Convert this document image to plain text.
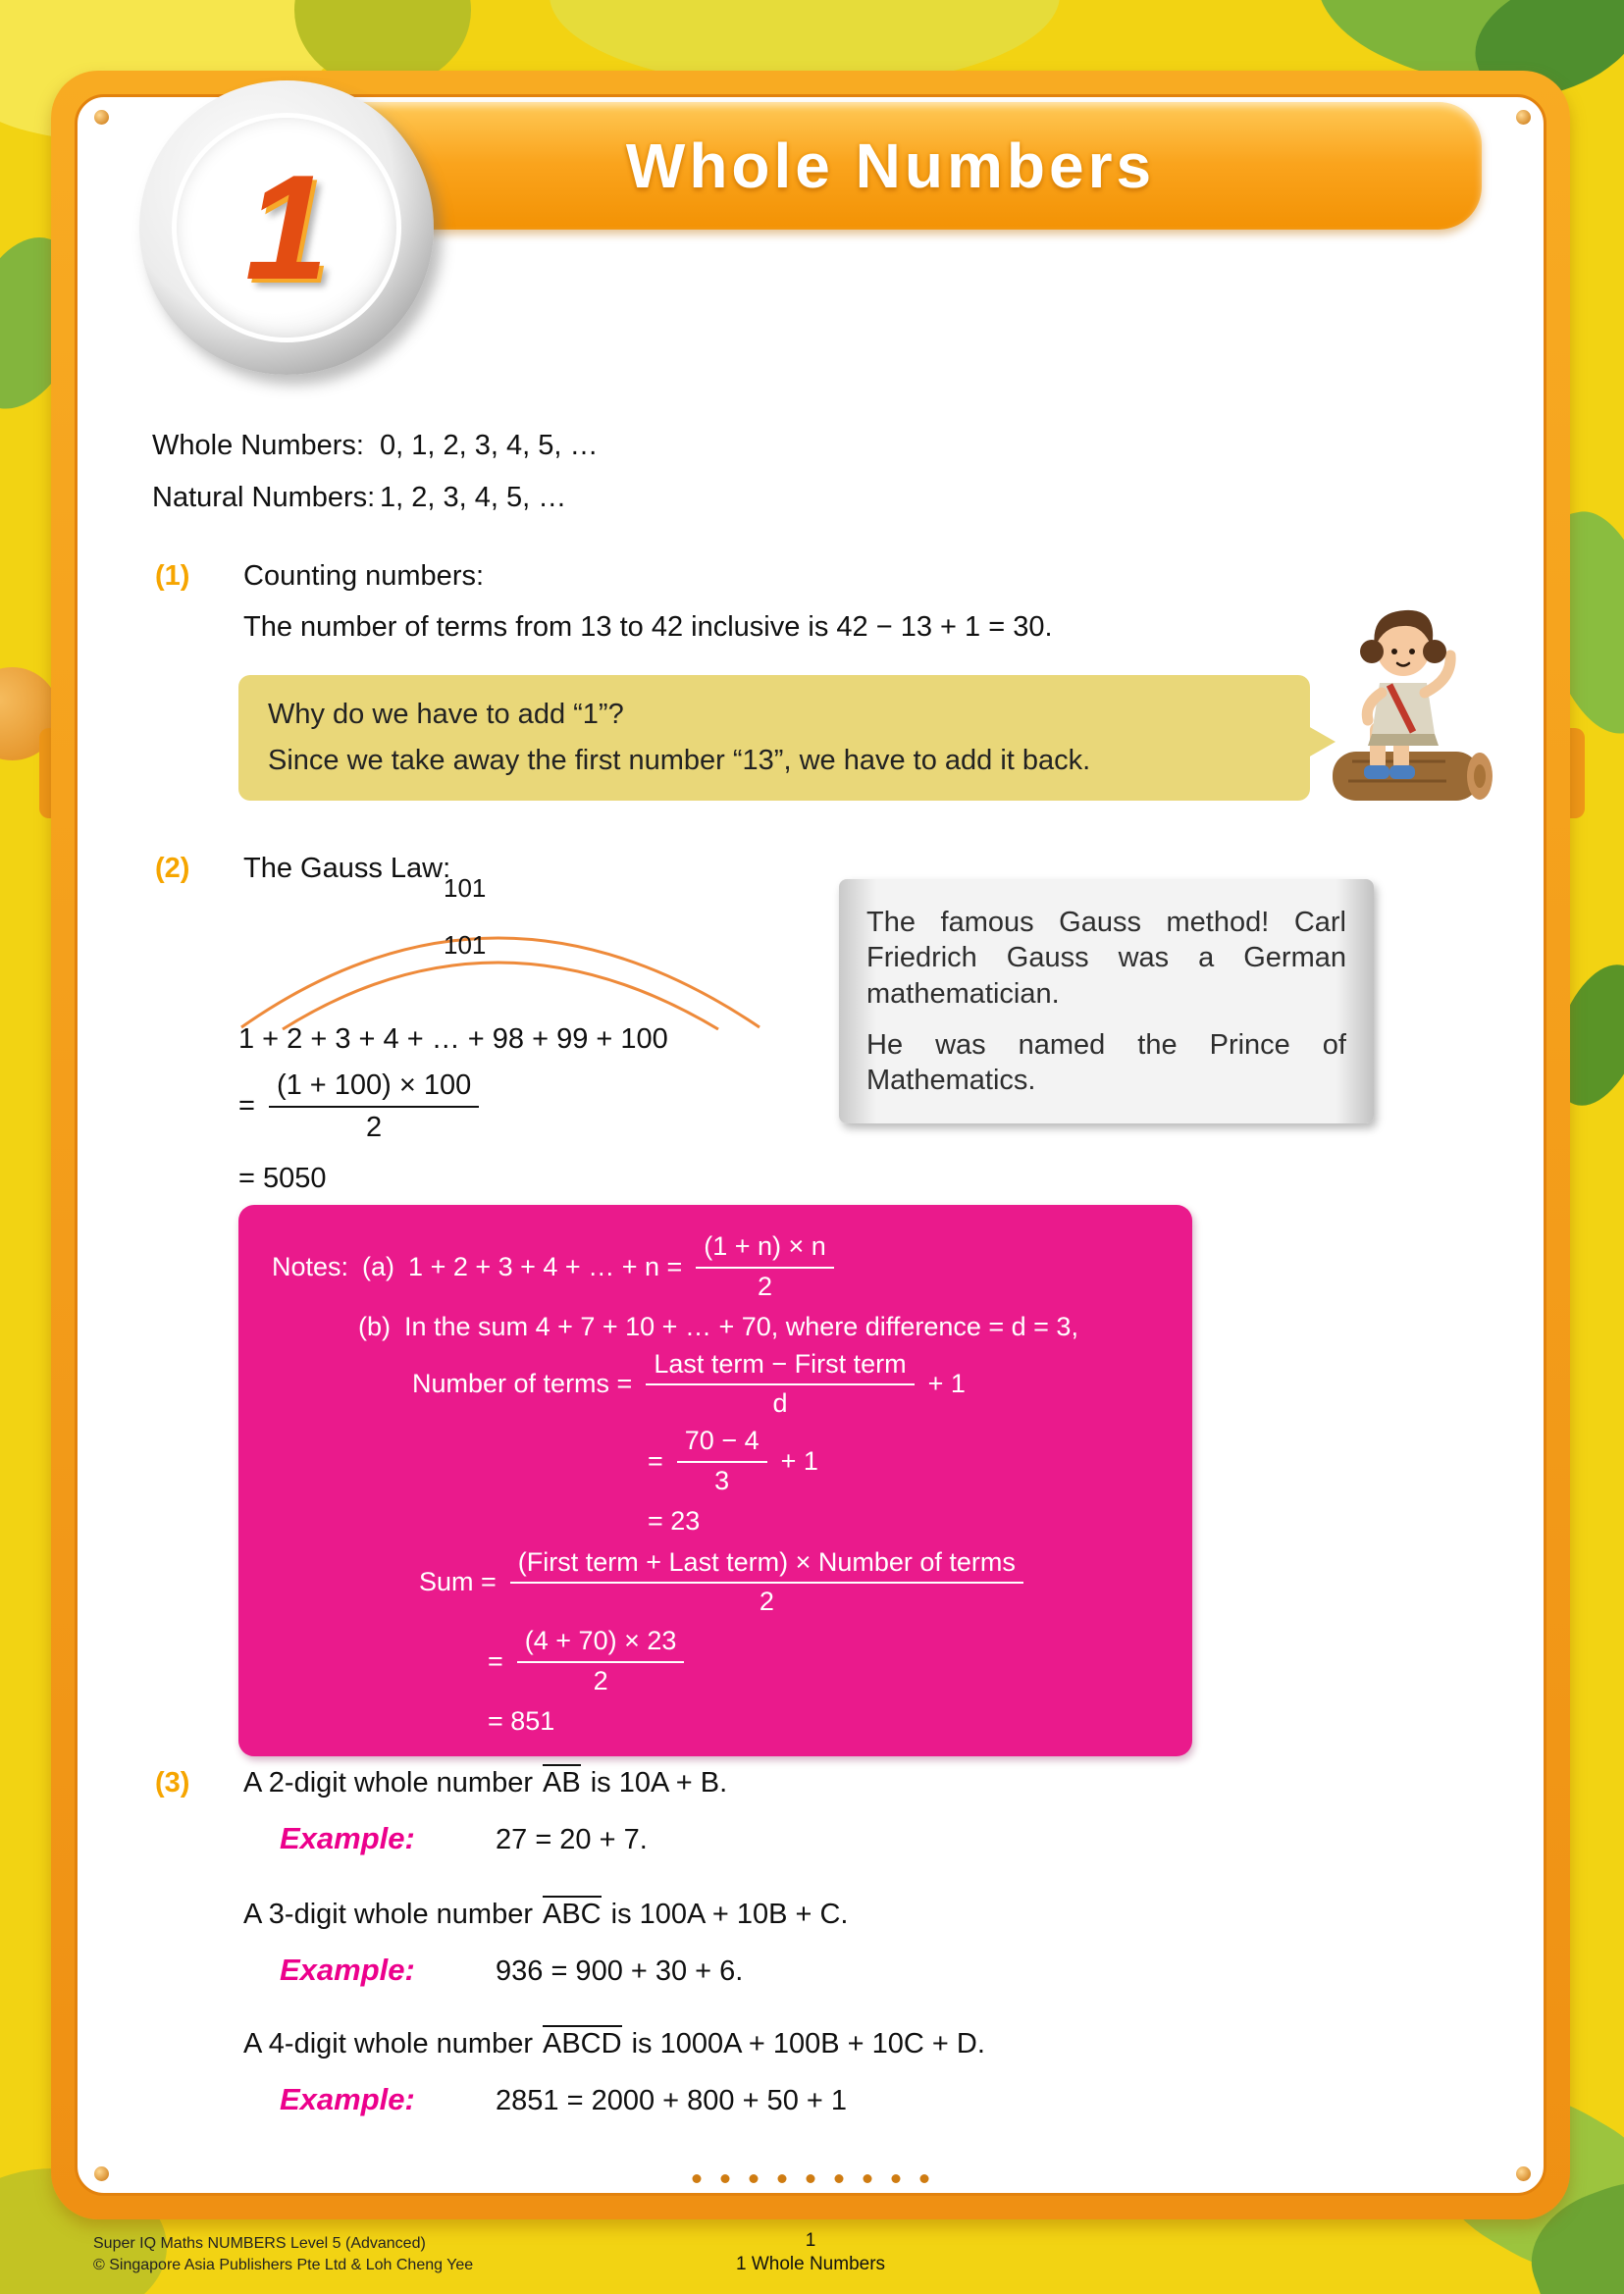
Whole Numbers
1
Whole Numbers: 0, 1, 2, 3, 4, 5, …
Natural Numbers: 1, 2, 3, 4, 5, …
(1)	Counting numbers:
The number of terms from 13 to 42 inclusive is 42 − 13 + 1 = 30.
Why do we have to add “1”?
Since we take away the first number “13”, we have to add it back.
(2)	The Gauss Law:
101
101
1 + 2 + 3 + 4 + … + 98 + 99 + 100
= $\frac{(1 + 100) \times 100}{2}$
= 5050
The famous Gauss method! Carl Friedrich Gauss was a German mathematician.
He was named the Prince of Mathematics.
Notes: (a) 1 + 2 + 3 + 4 + … + $n = \frac{(1 + n) \times n}{2}$
(b) In the sum 4 + 7 + 10 + … + 70, where difference = d = 3,
Number of terms = $\frac{\text{Last term − First term}}{d} + 1$
= $\frac{70 - 4}{3} + 1$
= 23
Sum = $\frac{\text{(First term + Last term) × Number of terms}}{2}$
= $\frac{(4 + 70) \times 23}{2}$
= 851
(3)	A 2-digit whole number AB is 10A + B.
Example:	27 = 20 + 7.
A 3-digit whole number ABC is 100A + 10B + C.
Example:	936 = 900 + 30 + 6.
A 4-digit whole number ABCD is 1000A + 100B + 10C + D.
Example:	2851 = 2000 + 800 + 50 + 1
Super IQ Maths NUMBERS Level 5 (Advanced)
© Singapore Asia Publishers Pte Ltd & Loh Cheng Yee
1
1 Whole Numbers
